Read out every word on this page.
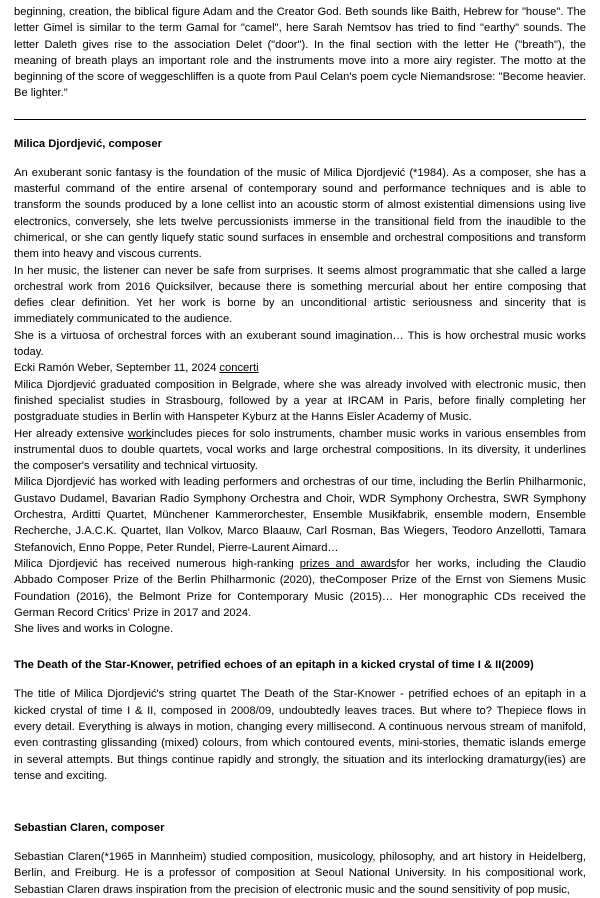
beginning, creation, the biblical figure Adam and the Creator God. Beth sounds like Baith, Hebrew for "house". The letter Gimel is similar to the term Gamal for "camel", here Sarah Nemtsov has tried to find "earthy" sounds. The letter Daleth gives rise to the association Delet ("door"). In the final section with the letter He ("breath"), the meaning of breath plays an important role and the instruments move into a more airy register. The motto at the beginning of the score of weggeschliffen is a quote from Paul Celan's poem cycle Niemandsrose: "Become heavier. Be lighter."

Milica Djordjević, composer

An exuberant sonic fantasy is the foundation of the music of Milica Djordjević (*1984). As a composer, she has a masterful command of the entire arsenal of contemporary sound and performance techniques and is able to transform the sounds produced by a lone cellist into an acoustic storm of almost existential dimensions using live electronics, conversely, she lets twelve percussionists immerse in the transitional field from the inaudible to the chimerical, or she can gently liquefy static sound surfaces in ensemble and orchestral compositions and transform them into heavy and viscous currents.

In her music, the listener can never be safe from surprises. It seems almost programmatic that she called a large orchestral work from 2016 Quicksilver, because there is something mercurial about her entire composing that defies clear definition. Yet her work is borne by an unconditional artistic seriousness and sincerity that is immediately communicated to the audience.

She is a virtuosa of orchestral forces with an exuberant sound imagination… This is how orchestral music works today.

Ecki Ramón Weber, September 11, 2024 concerti

Milica Djordjević graduated composition in Belgrade, where she was already involved with electronic music, then finished specialist studies in Strasbourg, followed by a year at IRCAM in Paris, before finally completing her postgraduate studies in Berlin with Hanspeter Kyburz at the Hanns Eisler Academy of Music.

Her already extensive workincludes pieces for solo instruments, chamber music works in various ensembles from instrumental duos to double quartets, vocal works and large orchestral compositions. In its diversity, it underlines the composer's versatility and technical virtuosity.

Milica Djordjević has worked with leading performers and orchestras of our time, including the Berlin Philharmonic, Gustavo Dudamel, Bavarian Radio Symphony Orchestra and Choir, WDR Symphony Orchestra, SWR Symphony Orchestra, Arditti Quartet, Münchener Kammerorchester, Ensemble Musikfabrik, ensemble modern, Ensemble Recherche, J.A.C.K. Quartet, Ilan Volkov, Marco Blaauw, Carl Rosman, Bas Wiegers, Teodoro Anzellotti, Tamara Stefanovich, Enno Poppe, Peter Rundel, Pierre-Laurent Aimard…

Milica Djordjević has received numerous high-ranking prizes and awardsfor her works, including the Claudio Abbado Composer Prize of the Berlin Philharmonic (2020), theComposer Prize of the Ernst von Siemens Music Foundation (2016), the Belmont Prize for Contemporary Music (2015)… Her monographic CDs received the German Record Critics' Prize in 2017 and 2024.

She lives and works in Cologne.

The Death of the Star-Knower, petrified echoes of an epitaph in a kicked crystal of time I & II(2009)

The title of Milica Djordjević's string quartet The Death of the Star-Knower - petrified echoes of an epitaph in a kicked crystal of time I & II, composed in 2008/09, undoubtedly leaves traces. But where to? Thepiece flows in every detail. Everything is always in motion, changing every millisecond. A continuous nervous stream of manifold, even contrasting glissanding (mixed) colours, from which contoured events, mini-stories, thematic islands emerge in several attempts. But things continue rapidly and strongly, the situation and its interlocking dramaturgy(ies) are tense and exciting.

Sebastian Claren, composer

Sebastian Claren(*1965 in Mannheim) studied composition, musicology, philosophy, and art history in Heidelberg, Berlin, and Freiburg. He is a professor of composition at Seoul National University. In his compositional work, Sebastian Claren draws inspiration from the precision of electronic music and the sound sensitivity of pop music,
